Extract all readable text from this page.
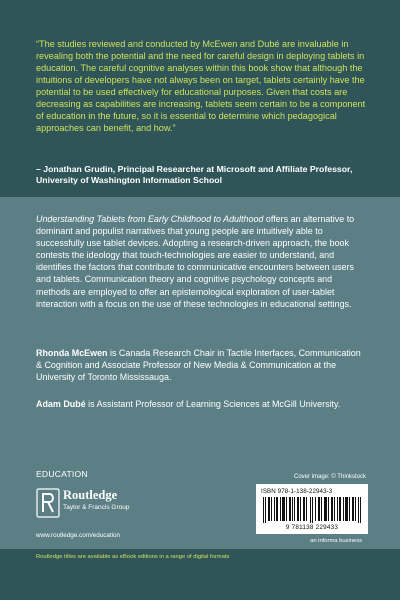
“The studies reviewed and conducted by McEwen and Dubé are invaluable in revealing both the potential and the need for careful design in deploying tablets in education. The careful cognitive analyses within this book show that although the intuitions of developers have not always been on target, tablets certainly have the potential to be used effectively for educational purposes. Given that costs are decreasing as capabilities are increasing, tablets seem certain to be a component of education in the future, so it is essential to determine which pedagogical approaches can benefit, and how.”
– Jonathan Grudin, Principal Researcher at Microsoft and Affiliate Professor, University of Washington Information School
Understanding Tablets from Early Childhood to Adulthood offers an alternative to dominant and populist narratives that young people are intuitively able to successfully use tablet devices. Adopting a research-driven approach, the book contests the ideology that touch-technologies are easier to understand, and identifies the factors that contribute to communicative encounters between users and tablets. Communication theory and cognitive psychology concepts and methods are employed to offer an epistemological exploration of user-tablet interaction with a focus on the use of these technologies in educational settings.
Rhonda McEwen is Canada Research Chair in Tactile Interfaces, Communication & Cognition and Associate Professor of New Media & Communication at the University of Toronto Mississauga.
Adam Dubé is Assistant Professor of Learning Sciences at McGill University.
EDUCATION
Routledge
Taylor & Francis Group
www.routledge.com/education
Cover image: © Thinkstock
ISBN 978-1-138-22943-3
9 781138 229433
an informa business
Routledge titles are available as eBook editions in a range of digital formats
